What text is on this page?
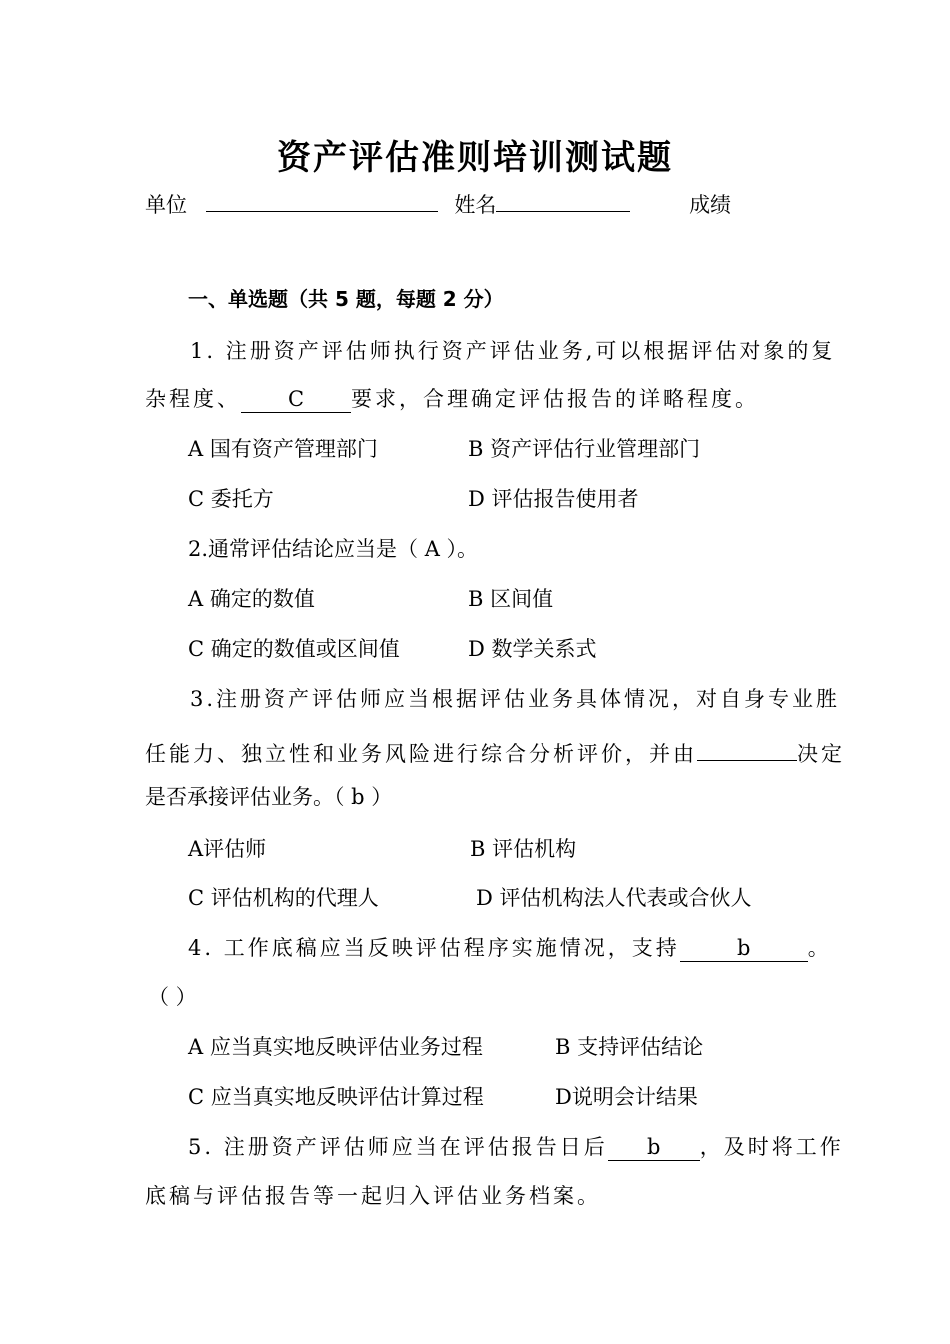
资产评估准则培训测试题
单位	姓名	成绩
一、单选题（共 5 题，每题 2 分）
1. 注册资产评估师执行资产评估业务,可以根据评估对象的复
杂程度、 C 要求，合理确定评估报告的详略程度。
A 国有资产管理部门	B 资产评估行业管理部门
C 委托方	D 评估报告使用者
2.通常评估结论应当是（ A ）。
A 确定的数值	B 区间值
C 确定的数值或区间值	D 数学关系式
3.注册资产评估师应当根据评估业务具体情况，对自身专业胜
任能力、独立性和业务风险进行综合分析评价，并由	决定
是否承接评估业务。（ b ）
A评估师	B 评估机构
C 评估机构的代理人	D 评估机构法人代表或合伙人
4. 工作底稿应当反映评估程序实施情况，支持	b	。
（ ）
A 应当真实地反映评估业务过程	B 支持评估结论
C 应当真实地反映评估计算过程	D说明会计结果
5. 注册资产评估师应当在评估报告日后 b ，及时将工作
底稿与评估报告等一起归入评估业务档案。
